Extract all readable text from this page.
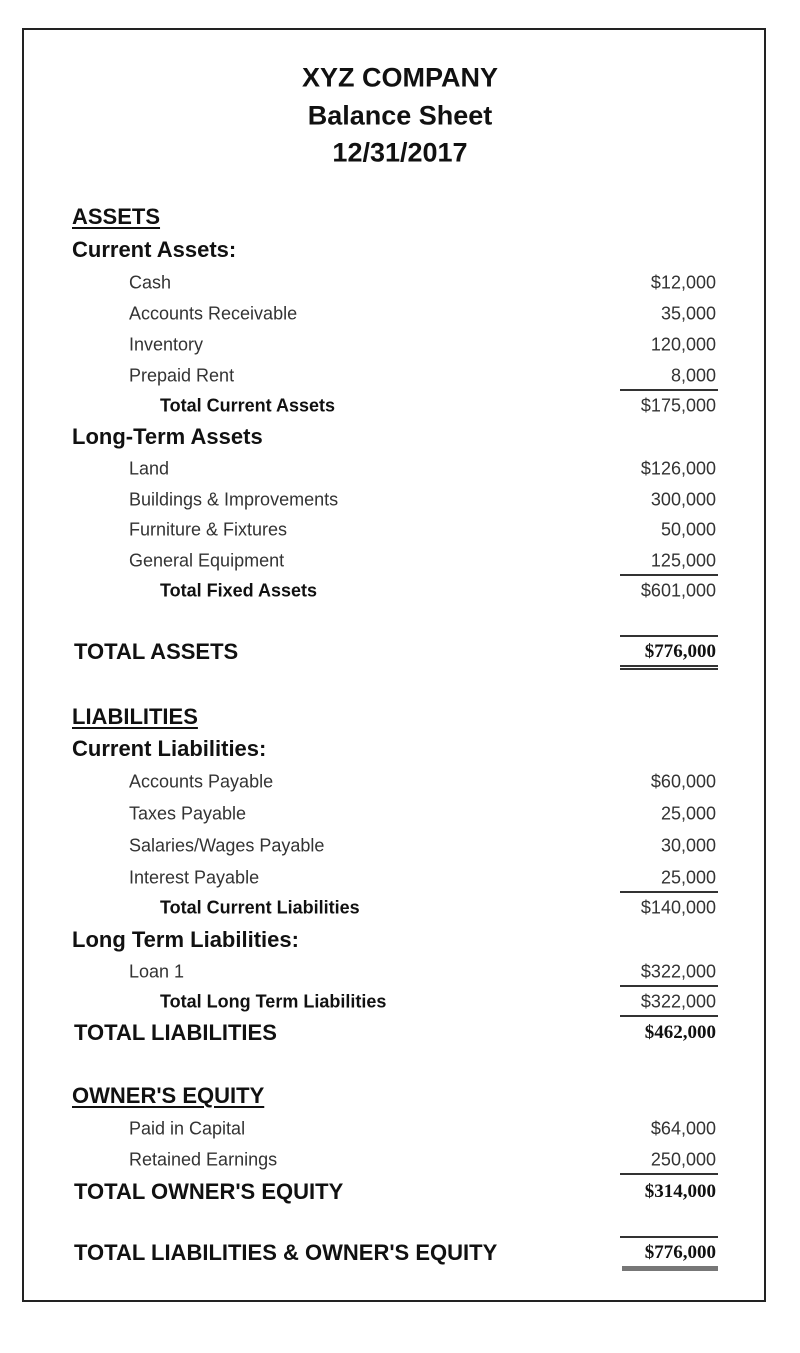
XYZ COMPANY
Balance Sheet
12/31/2017
ASSETS
Current Assets:
Cash	$12,000
Accounts Receivable	35,000
Inventory	120,000
Prepaid Rent	8,000
Total Current Assets	$175,000
Long-Term Assets
Land	$126,000
Buildings & Improvements	300,000
Furniture & Fixtures	50,000
General Equipment	125,000
Total Fixed Assets	$601,000
TOTAL ASSETS	$776,000
LIABILITIES
Current Liabilities:
Accounts Payable	$60,000
Taxes Payable	25,000
Salaries/Wages Payable	30,000
Interest Payable	25,000
Total Current Liabilities	$140,000
Long Term Liabilities:
Loan 1	$322,000
Total Long Term Liabilities	$322,000
TOTAL LIABILITIES	$462,000
OWNER'S EQUITY
Paid in Capital	$64,000
Retained Earnings	250,000
TOTAL OWNER'S EQUITY	$314,000
TOTAL LIABILITIES & OWNER'S EQUITY	$776,000
